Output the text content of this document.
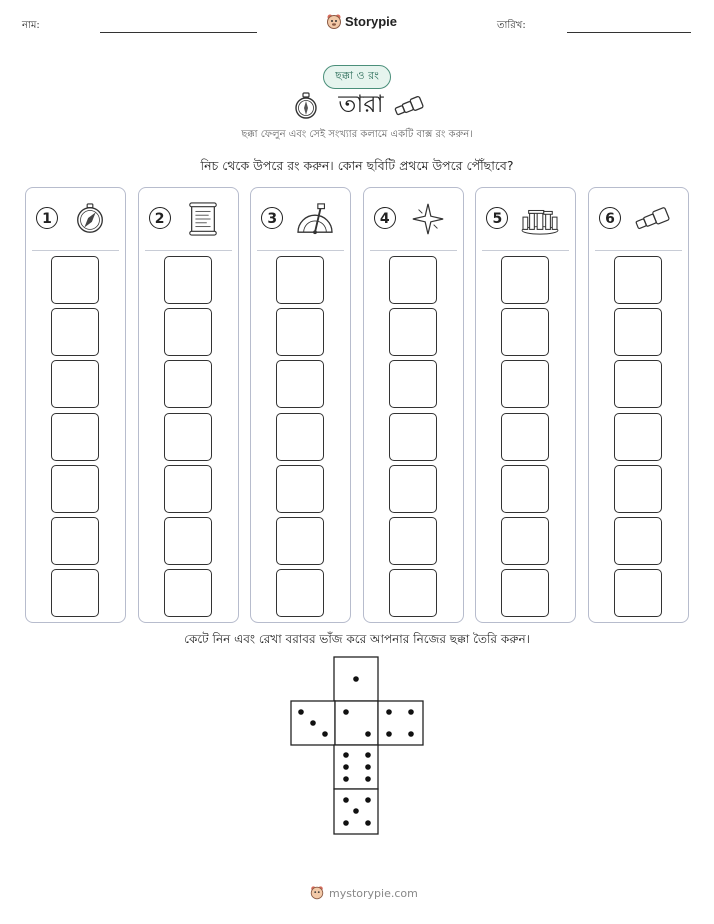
নাম:	Storypie	তারিখ:
ছক্কা ও রং
তারা
ছক্কা ফেলুন এবং সেই সংখ্যার কলামে একটি বাক্স রং করুন।
নিচ থেকে উপরে রং করুন। কোন ছবিটি প্রথমে উপরে পৌঁছাবে?
1	2	3	4	5	6
কেটে নিন এবং রেখা বরাবর ভাঁজ করে আপনার নিজের ছক্কা তৈরি করুন।
mystorypie.com
